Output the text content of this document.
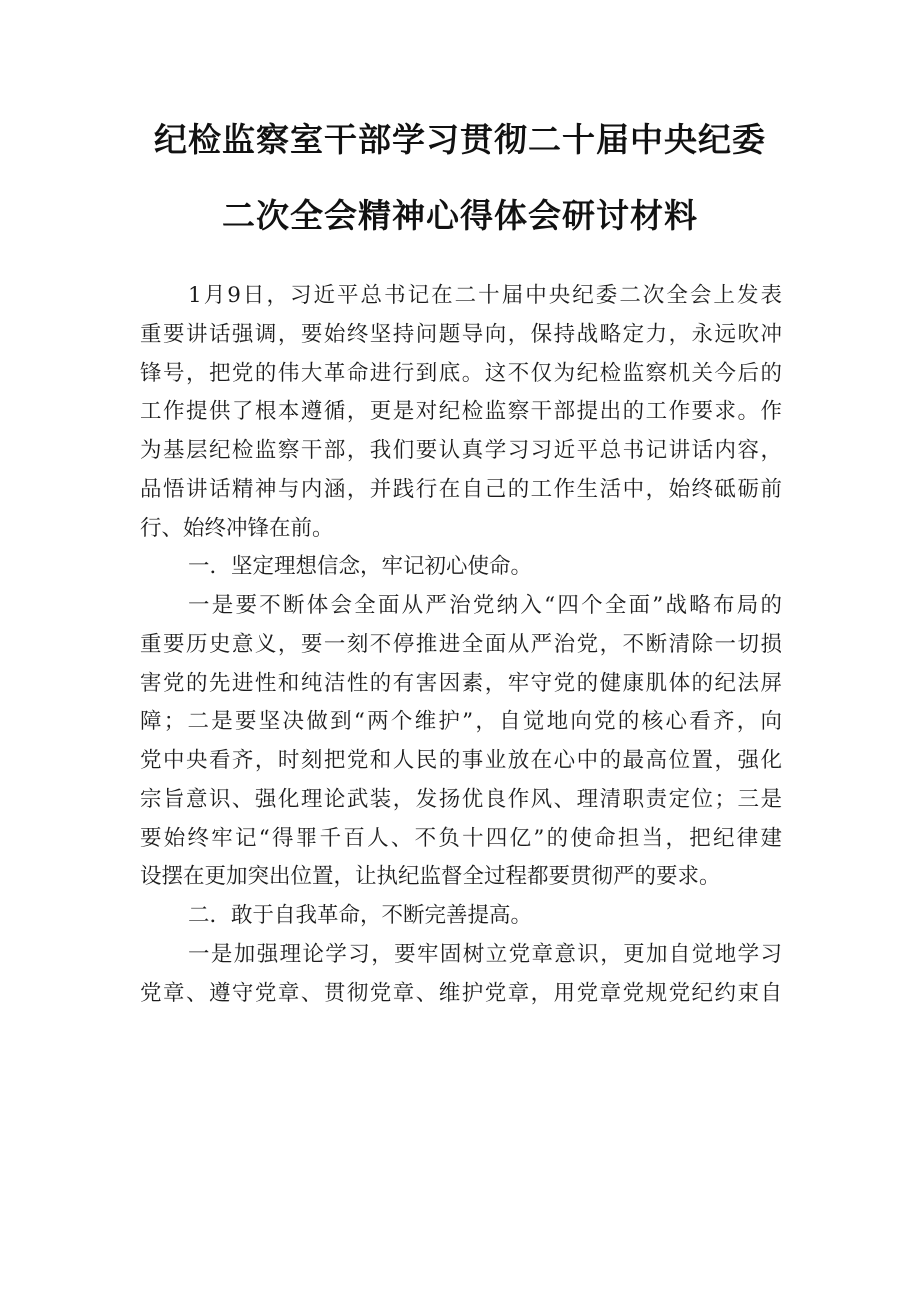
纪检监察室干部学习贯彻二十届中央纪委
二次全会精神心得体会研讨材料
1月9日，习近平总书记在二十届中央纪委二次全会上发表
重要讲话强调，要始终坚持问题导向，保持战略定力，永远吹冲
锋号，把党的伟大革命进行到底。这不仅为纪检监察机关今后的
工作提供了根本遵循，更是对纪检监察干部提出的工作要求。作
为基层纪检监察干部，我们要认真学习习近平总书记讲话内容，
品悟讲话精神与内涵，并践行在自己的工作生活中，始终砥砺前
行、始终冲锋在前。
一．坚定理想信念，牢记初心使命。
一是要不断体会全面从严治党纳入“四个全面”战略布局的
重要历史意义，要一刻不停推进全面从严治党，不断清除一切损
害党的先进性和纯洁性的有害因素，牢守党的健康肌体的纪法屏
障；二是要坚决做到“两个维护”，自觉地向党的核心看齐，向
党中央看齐，时刻把党和人民的事业放在心中的最高位置，强化
宗旨意识、强化理论武装，发扬优良作风、理清职责定位；三是
要始终牢记“得罪千百人、不负十四亿”的使命担当，把纪律建
设摆在更加突出位置，让执纪监督全过程都要贯彻严的要求。
二．敢于自我革命，不断完善提高。
一是加强理论学习，要牢固树立党章意识，更加自觉地学习
党章、遵守党章、贯彻党章、维护党章，用党章党规党纪约束自
